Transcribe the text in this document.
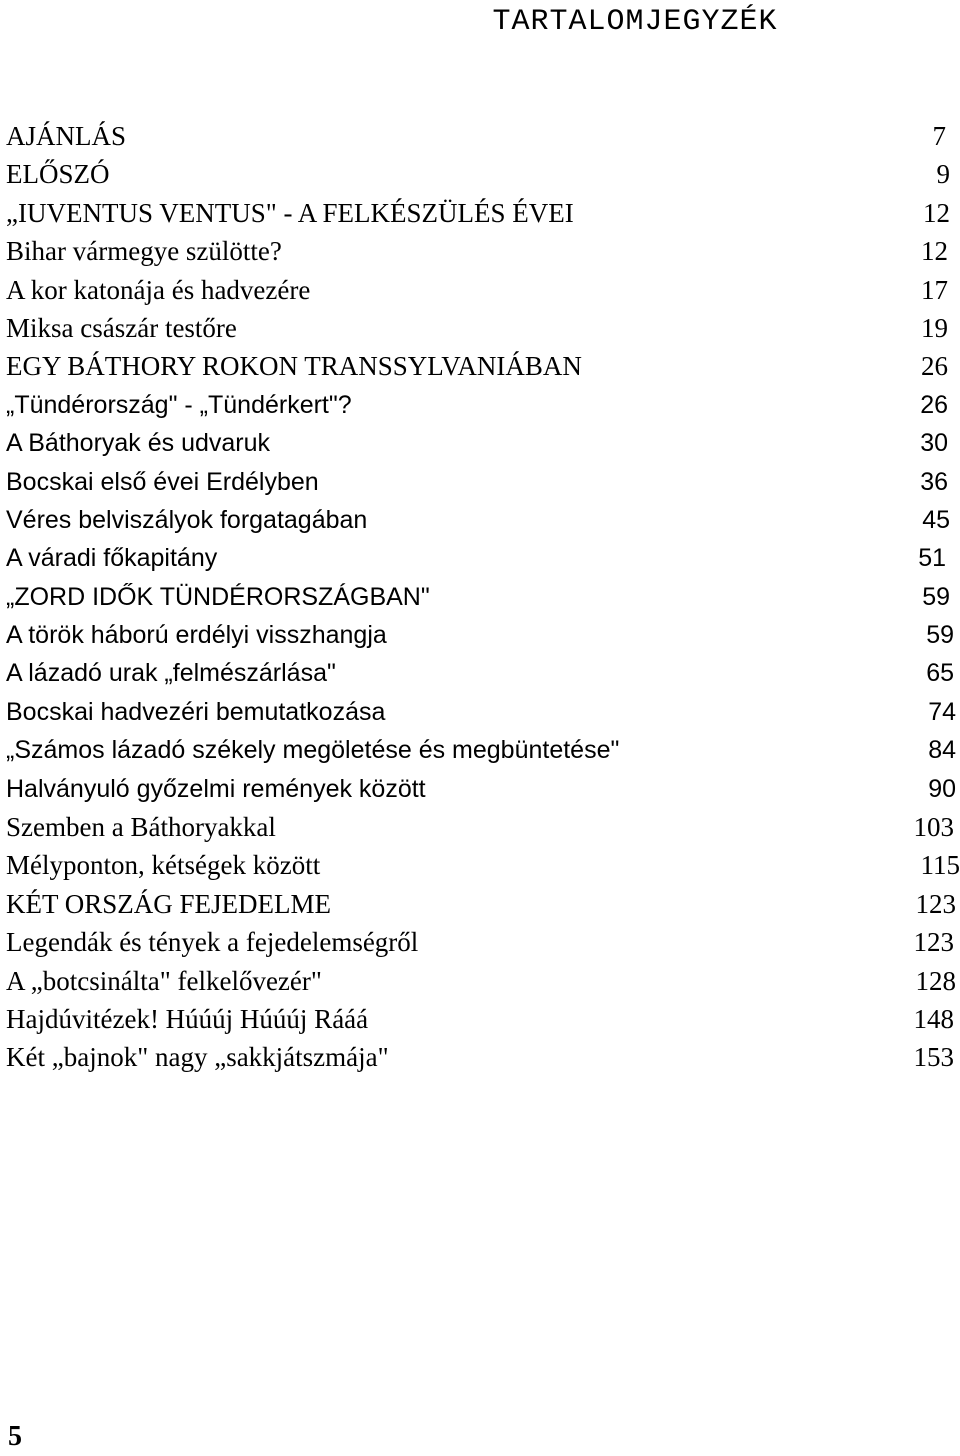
TARTALOMJEGYZÉK
AJÁNLÁS	7
ELŐSZÓ	9
„IUVENTUS VENTUS" - A FELKÉSZÜLÉS ÉVEI	12
Bihar vármegye szülötte?	12
A kor katonája és hadvezére	17
Miksa császár testőre	19
EGY BÁTHORY ROKON TRANSSYLVANIÁBAN	26
„Tündérország" - „Tündérkert"?	26
A Báthoryak és udvaruk	30
Bocskai első évei Erdélyben	36
Véres belviszályok forgatagában	45
A váradi főkapitány	51
„ZORD IDŐK TÜNDÉRORSZÁGBAN"	59
A török háború erdélyi visszhangja	59
A lázadó urak „felmészárlása"	65
Bocskai hadvezéri bemutatkozása	74
„Számos lázadó székely megöletése és megbüntetése"	84
Halványuló győzelmi remények között	90
Szemben a Báthoryakkal	103
Mélyponton, kétségek között	115
KÉT ORSZÁG FEJEDELME	123
Legendák és tények a fejedelemségről	123
A „botcsinálta" felkelővezér"	128
Hajdúvitézek! Húúúj Húúúj Rááá	148
Két „bajnok" nagy „sakkjátszmája"	153
5
